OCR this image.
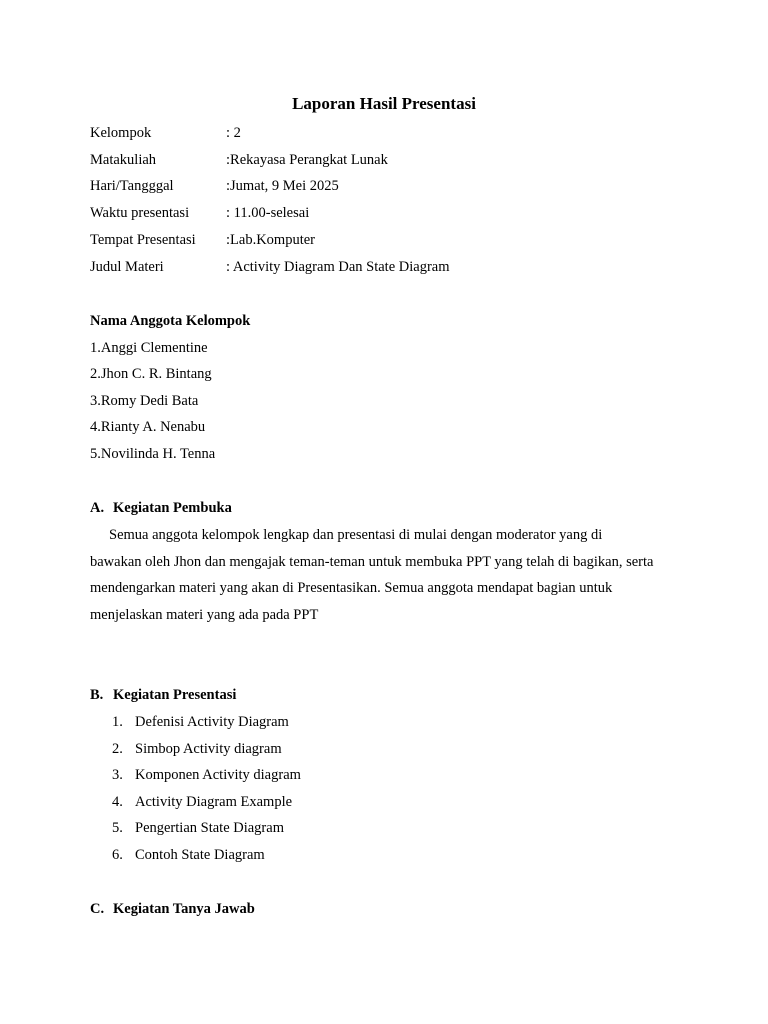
Laporan Hasil Presentasi
Kelompok	: 2
Matakuliah	:Rekayasa Perangkat Lunak
Hari/Tangggal	:Jumat, 9 Mei 2025
Waktu presentasi	: 11.00-selesai
Tempat Presentasi :Lab.Komputer
Judul Materi	: Activity Diagram Dan State Diagram
Nama Anggota Kelompok
1.Anggi Clementine
2.Jhon C. R. Bintang
3.Romy Dedi Bata
4.Rianty A. Nenabu
5.Novilinda H. Tenna
A. Kegiatan Pembuka
Semua anggota kelompok lengkap dan presentasi di mulai dengan moderator yang di
bawakan oleh Jhon dan mengajak teman-teman untuk membuka PPT yang telah di bagikan, serta
mendengarkan materi yang akan di Presentasikan. Semua anggota mendapat bagian untuk
menjelaskan materi yang ada pada PPT
B. Kegiatan Presentasi
1. Defenisi Activity Diagram
2. Simbop Activity diagram
3. Komponen Activity diagram
4. Activity Diagram Example
5. Pengertian State Diagram
6. Contoh State Diagram
C. Kegiatan Tanya Jawab
